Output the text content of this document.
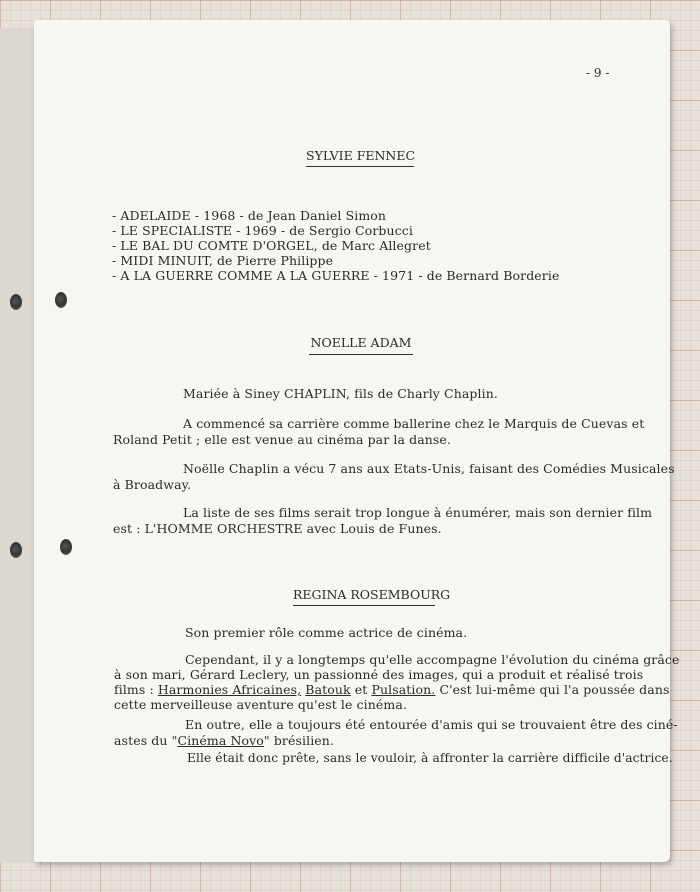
- 9 -
SYLVIE FENNEC
- ADELAIDE - 1968 - de Jean Daniel Simon
- LE SPECIALISTE - 1969 - de Sergio Corbucci
- LE BAL DU COMTE D'ORGEL, de Marc Allegret
- MIDI MINUIT, de Pierre Philippe
- A LA GUERRE COMME A LA GUERRE - 1971 - de Bernard Borderie
NOELLE ADAM
Mariée à Siney CHAPLIN, fils de Charly Chaplin.
A commencé sa carrière comme ballerine chez le Marquis de Cuevas et
Roland Petit ; elle est venue au cinéma par la danse.
Noëlle Chaplin a vécu 7 ans aux Etats-Unis, faisant des Comédies Musicales
à Broadway.
La liste de ses films serait trop longue à énumérer, mais son dernier film
est : L'HOMME ORCHESTRE avec Louis de Funes.
REGINA ROSEMBOURG
Son premier rôle comme actrice de cinéma.
Cependant, il y a longtemps qu'elle accompagne l'évolution du cinéma grâce
à son mari, Gérard Leclery, un passionné des images, qui a produit et réalisé trois
films : Harmonies Africaines, Batouk et Pulsation. C'est lui-même qui l'a poussée dans
cette merveilleuse aventure qu'est le cinéma.
En outre, elle a toujours été entourée d'amis qui se trouvaient être des ciné-
astes du "Cinéma Novo" brésilien.
Elle était donc prête, sans le vouloir, à affronter la carrière difficile d'actrice.
